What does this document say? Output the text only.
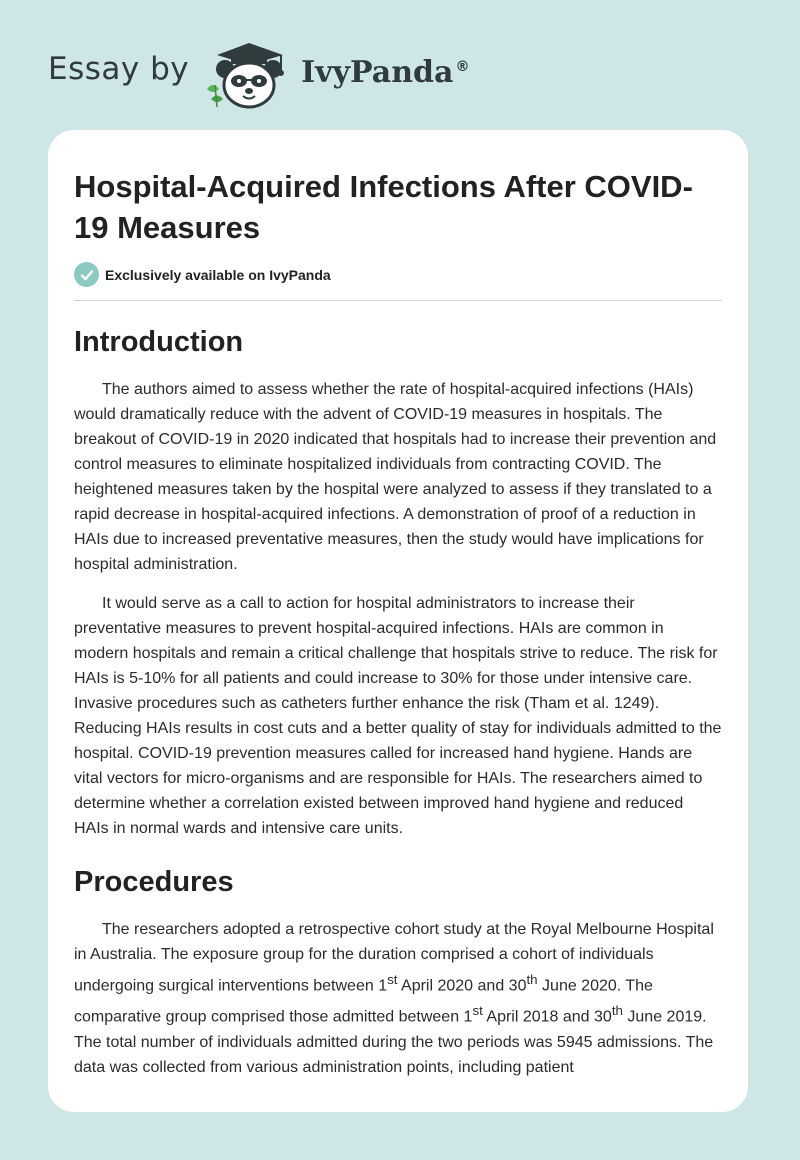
Essay by	IvyPanda ®
Hospital-Acquired Infections After COVID-19 Measures
Exclusively available on IvyPanda
Introduction

The authors aimed to assess whether the rate of hospital-acquired infections (HAIs) would dramatically reduce with the advent of COVID-19 measures in hospitals. The breakout of COVID-19 in 2020 indicated that hospitals had to increase their prevention and control measures to eliminate hospitalized individuals from contracting COVID. The heightened measures taken by the hospital were analyzed to assess if they translated to a rapid decrease in hospital-acquired infections. A demonstration of proof of a reduction in HAIs due to increased preventative measures, then the study would have implications for hospital administration.

It would serve as a call to action for hospital administrators to increase their preventative measures to prevent hospital-acquired infections. HAIs are common in modern hospitals and remain a critical challenge that hospitals strive to reduce. The risk for HAIs is 5-10% for all patients and could increase to 30% for those under intensive care. Invasive procedures such as catheters further enhance the risk (Tham et al. 1249). Reducing HAIs results in cost cuts and a better quality of stay for individuals admitted to the hospital. COVID-19 prevention measures called for increased hand hygiene. Hands are vital vectors for micro-organisms and are responsible for HAIs. The researchers aimed to determine whether a correlation existed between improved hand hygiene and reduced HAIs in normal wards and intensive care units.

Procedures

The researchers adopted a retrospective cohort study at the Royal Melbourne Hospital in Australia. The exposure group for the duration comprised a cohort of individuals undergoing surgical interventions between 1st April 2020 and 30th June 2020. The comparative group comprised those admitted between 1st April 2018 and 30th June 2019. The total number of individuals admitted during the two periods was 5945 admissions. The data was collected from various administration points, including patient
